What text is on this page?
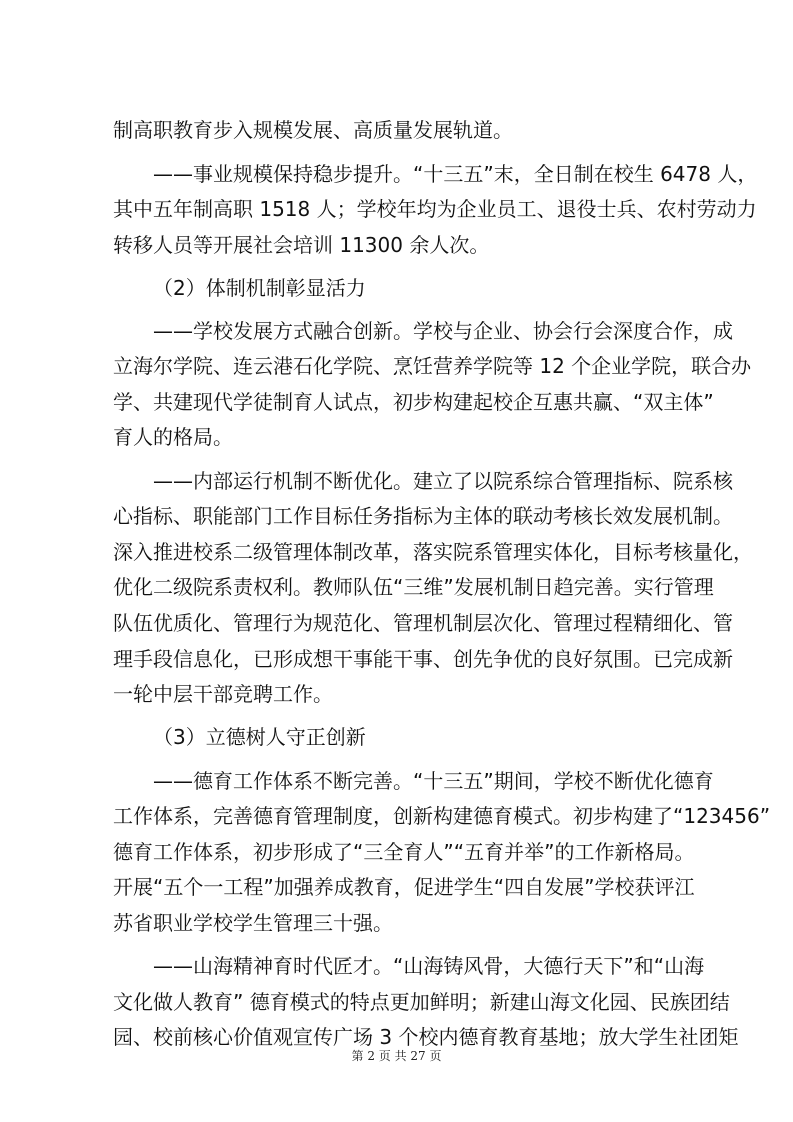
制高职教育步入规模发展、高质量发展轨道。
——事业规模保持稳步提升。“十三五”末，全日制在校生 6478 人，
其中五年制高职 1518 人；学校年均为企业员工、退役士兵、农村劳动力
转移人员等开展社会培训 11300 余人次。
（2）体制机制彰显活力
——学校发展方式融合创新。学校与企业、协会行会深度合作，成
立海尔学院、连云港石化学院、烹饪营养学院等 12 个企业学院，联合办
学、共建现代学徒制育人试点，初步构建起校企互惠共赢、“双主体”
育人的格局。
——内部运行机制不断优化。建立了以院系综合管理指标、院系核
心指标、职能部门工作目标任务指标为主体的联动考核长效发展机制。
深入推进校系二级管理体制改革，落实院系管理实体化，目标考核量化，
优化二级院系责权利。教师队伍“三维”发展机制日趋完善。实行管理
队伍优质化、管理行为规范化、管理机制层次化、管理过程精细化、管
理手段信息化，已形成想干事能干事、创先争优的良好氛围。已完成新
一轮中层干部竞聘工作。
（3）立德树人守正创新
——德育工作体系不断完善。“十三五”期间，学校不断优化德育
工作体系，完善德育管理制度，创新构建德育模式。初步构建了“123456”
德育工作体系，初步形成了“三全育人”“五育并举”的工作新格局。
开展“五个一工程”加强养成教育，促进学生“四自发展”学校获评江
苏省职业学校学生管理三十强。
——山海精神育时代匠才。“山海铸风骨，大德行天下”和“山海
文化做人教育” 德育模式的特点更加鲜明；新建山海文化园、民族团结
园、校前核心价值观宣传广场 3 个校内德育教育基地；放大学生社团矩
第 2 页 共 27 页
